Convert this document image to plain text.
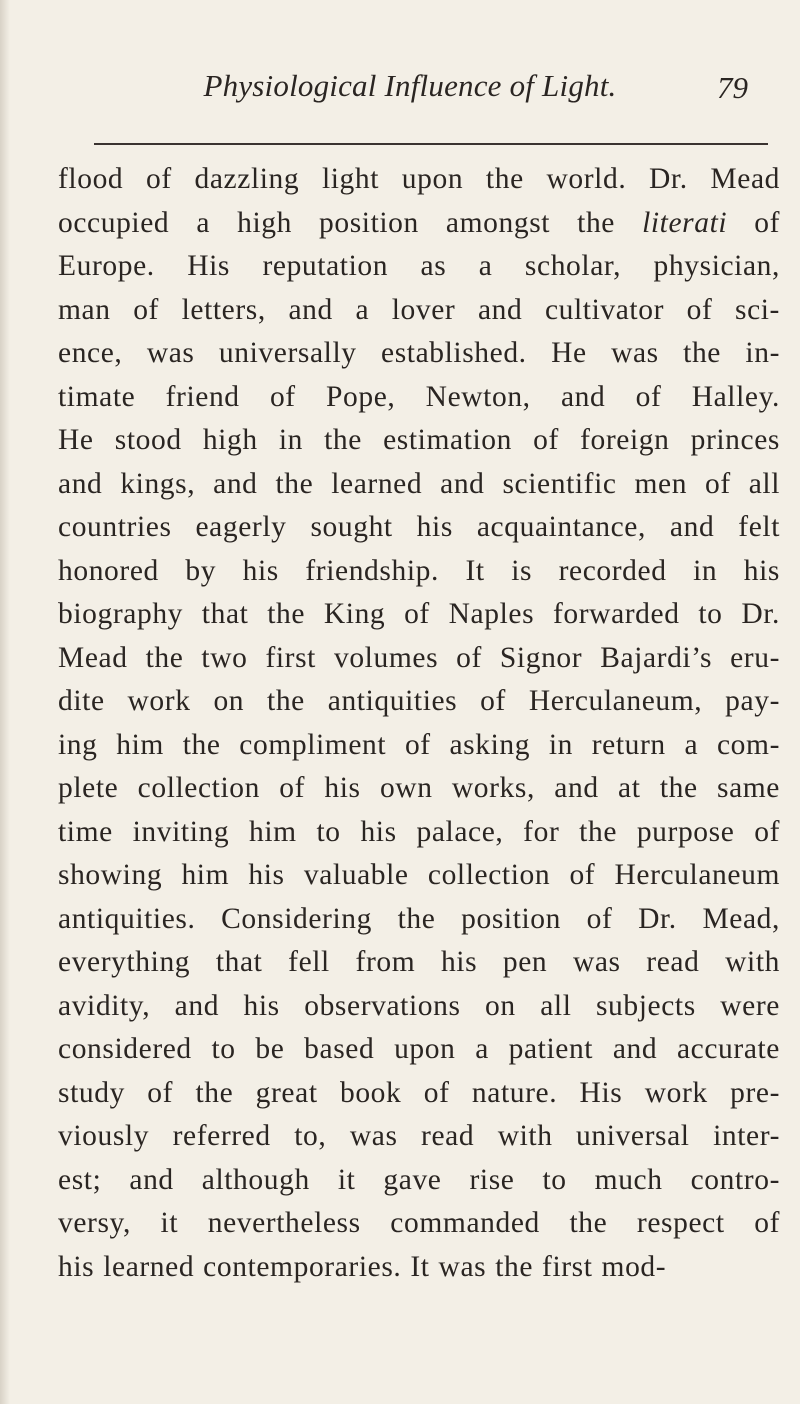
Physiological Influence of Light.	79
flood of dazzling light upon the world. Dr. Mead
occupied a high position amongst the literati of
Europe. His reputation as a scholar, physician,
man of letters, and a lover and cultivator of sci-
ence, was universally established. He was the in-
timate friend of Pope, Newton, and of Halley.
He stood high in the estimation of foreign princes
and kings, and the learned and scientific men of all
countries eagerly sought his acquaintance, and felt
honored by his friendship. It is recorded in his
biography that the King of Naples forwarded to Dr.
Mead the two first volumes of Signor Bajardi’s eru-
dite work on the antiquities of Herculaneum, pay-
ing him the compliment of asking in return a com-
plete collection of his own works, and at the same
time inviting him to his palace, for the purpose of
showing him his valuable collection of Herculaneum
antiquities. Considering the position of Dr. Mead,
everything that fell from his pen was read with
avidity, and his observations on all subjects were
considered to be based upon a patient and accurate
study of the great book of nature. His work pre-
viously referred to, was read with universal inter-
est; and although it gave rise to much contro-
versy, it nevertheless commanded the respect of
his learned contemporaries. It was the first mod-
